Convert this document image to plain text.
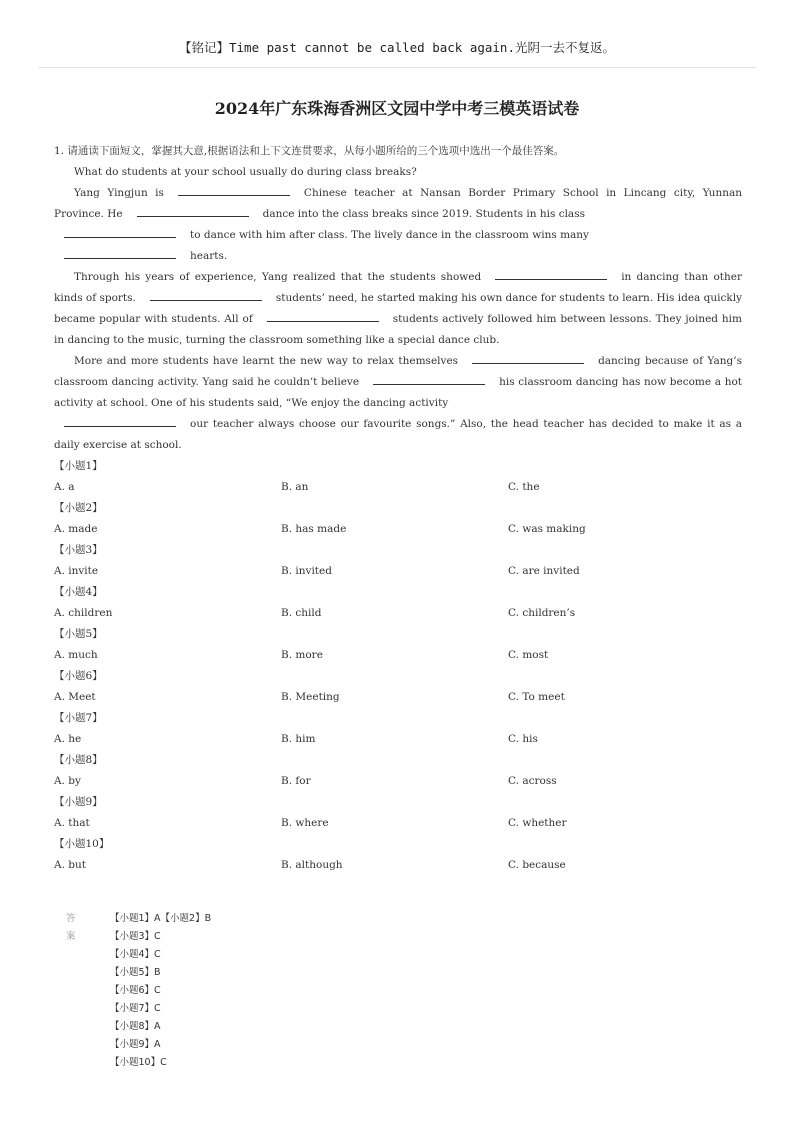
【铭记】Time past cannot be called back again.光阴一去不复返。
2024年广东珠海香洲区文园中学中考三模英语试卷

1. 请通读下面短文，掌握其大意,根据语法和上下文连贯要求，从每小题所给的三个选项中选出一个最佳答案。

What do students at your school usually do during class breaks?

Yang Yingjun is	Chinese teacher at Nansan Border Primary School in Lincang city, Yunnan Province. He	dance into the class breaks since 2019. Students in his class
to dance with him after class. The lively dance in the classroom wins many
hearts.

Through his years of experience, Yang realized that the students showed	in dancing than other kinds of sports.	students’ need, he started making his own dance for students to learn. His idea quickly became popular with students. All of	students actively followed him between lessons. They joined him in dancing to the music, turning the classroom something like a special dance club.

More and more students have learnt the new way to relax themselves	dancing because of Yang’s classroom dancing activity. Yang said he couldn’t believe	his classroom dancing has now become a hot activity at school. One of his students said, “We enjoy the dancing activity
our teacher always choose our favourite songs.” Also, the head teacher has decided to make it as a daily exercise at school.

【小题1】

A. a	B. an	C. the

【小题2】

A. made	B. has made	C. was making

【小题3】

A. invite	B. invited	C. are invited

【小题4】

A. children	B. child	C. children’s

【小题5】

A. much	B. more	C. most

【小题6】

A. Meet	B. Meeting	C. To meet

【小题7】

A. he	B. him	C. his

【小题8】

A. by	B. for	C. across

【小题9】

A. that	B. where	C. whether

【小题10】

A. but	B. although	C. because
答案
【小题1】A【小题2】B
【小题3】C
【小题4】C
【小题5】B
【小题6】C
【小题7】C
【小题8】A
【小题9】A
【小题10】C
